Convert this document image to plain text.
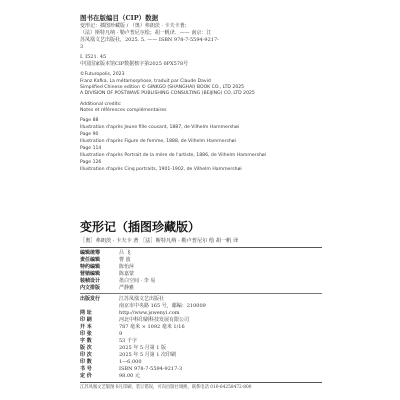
图书在版编目（CIP）数据
变形记：插图珍藏版 / （奥）弗朗茨 · 卡夫卡著；
（法）斯特凡纳 · 勒卢普尼尔绘；胡一帆译．—— 南京：江
苏凤凰文艺出版社，2025. 5. —— ISBN 978-7-5594-9217-
3
Ⅰ. I521. 45
中国国家版本馆CIP数据核字第2025 0PX578号
©Futuropolis, 2023
Franz Kafka, La métamorphose, traduit par Claude David
Simplified Chinese edition © GINKGO (SHANGHAI) BOOK CO., LTD 2025
A DIVISION OF POSTWAVE PUBLISHING CONSULTING (BEIJING) CO. LTD 2025
Additional credits:
Notes et références complémentaires
Page 88
Illustration d'après Jeune fille cousant, 1887, de Vilhelm Hammershøi
Page 90
Illustration d'après Figure de femme, 1888, de Vilhelm Hammershøi
Page 114
Illustration d'après Portrait de la mère de l'artiste, 1886, de Vilhelm Hammershøi
Page 126
Illustration d'après Cinq portraits, 1901-1902, de Vilhelm Hammershøi
变形记（插图珍藏版）
［奥］弗朗茨 · 卡夫卡 著 ［法］斯特凡纳 · 勒卢普尼尔 绘 胡一帆 译
编辑统筹	吕 飞
责任编辑	曹 波
特约编辑	陈怡萍
营销编辑	陈嘉蒙
装帧设计	墨白空间 · 李 易
内文排版	严静雅
出版发行	江苏凤凰文艺出版社
南京市中央路 165 号，邮编：210009
网 址	http://www.jswenyi.com
印 刷	河北中科印刷科技发展有限公司
开 本	787 毫米 × 1092 毫米 1/16
印 张	9
字 数	53 千字
版 次	2025 年 5 月第 1 版
印 次	2025 年 5 月第 1 次印刷
印 数	1—6,000
书 号	ISBN 978-7-5594-9217-3
定 价	98.00 元
江苏凤凰文艺版图书凡印刷、装订错误，可向出版社调换，联系电话 010-64258472-800
